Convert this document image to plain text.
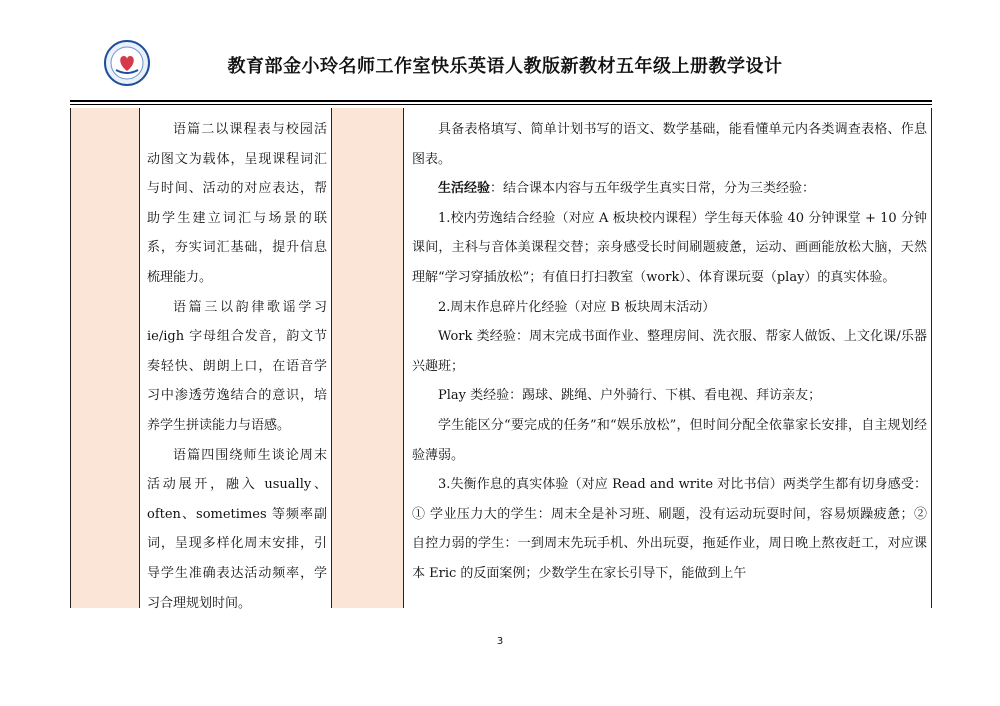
教育部金小玲名师工作室快乐英语人教版新教材五年级上册教学设计

语篇二以课程表与校园活动图文为载体，呈现课程词汇与时间、活动的对应表达，帮助学生建立词汇与场景的联系，夯实词汇基础，提升信息梳理能力。

语篇三以韵律歌谣学习ie/igh 字母组合发音，韵文节奏轻快、朗朗上口，在语音学习中渗透劳逸结合的意识，培养学生拼读能力与语感。

语篇四围绕师生谈论周末活动展开，融入 usually、often、sometimes 等频率副词，呈现多样化周末安排，引导学生准确表达活动频率，学习合理规划时间。

具备表格填写、简单计划书写的语文、数学基础，能看懂单元内各类调查表格、作息图表。

生活经验：结合课本内容与五年级学生真实日常，分为三类经验：

1.校内劳逸结合经验（对应 A 板块校内课程）学生每天体验 40 分钟课堂 + 10 分钟课间，主科与音体美课程交替；亲身感受长时间刷题疲惫，运动、画画能放松大脑，天然理解“学习穿插放松”；有值日打扫教室（work）、体育课玩耍（play）的真实体验。

2.周末作息碎片化经验（对应 B 板块周末活动）

Work 类经验：周末完成书面作业、整理房间、洗衣服、帮家人做饭、上文化课/乐器兴趣班；

Play 类经验：踢球、跳绳、户外骑行、下棋、看电视、拜访亲友；

学生能区分“要完成的任务”和“娱乐放松”，但时间分配全依靠家长安排，自主规划经验薄弱。

3.失衡作息的真实体验（对应 Read and write 对比书信）两类学生都有切身感受：① 学业压力大的学生：周末全是补习班、刷题，没有运动玩耍时间，容易烦躁疲惫；② 自控力弱的学生：一到周末先玩手机、外出玩耍，拖延作业，周日晚上熬夜赶工，对应课本 Eric 的反面案例；少数学生在家长引导下，能做到上午

3
